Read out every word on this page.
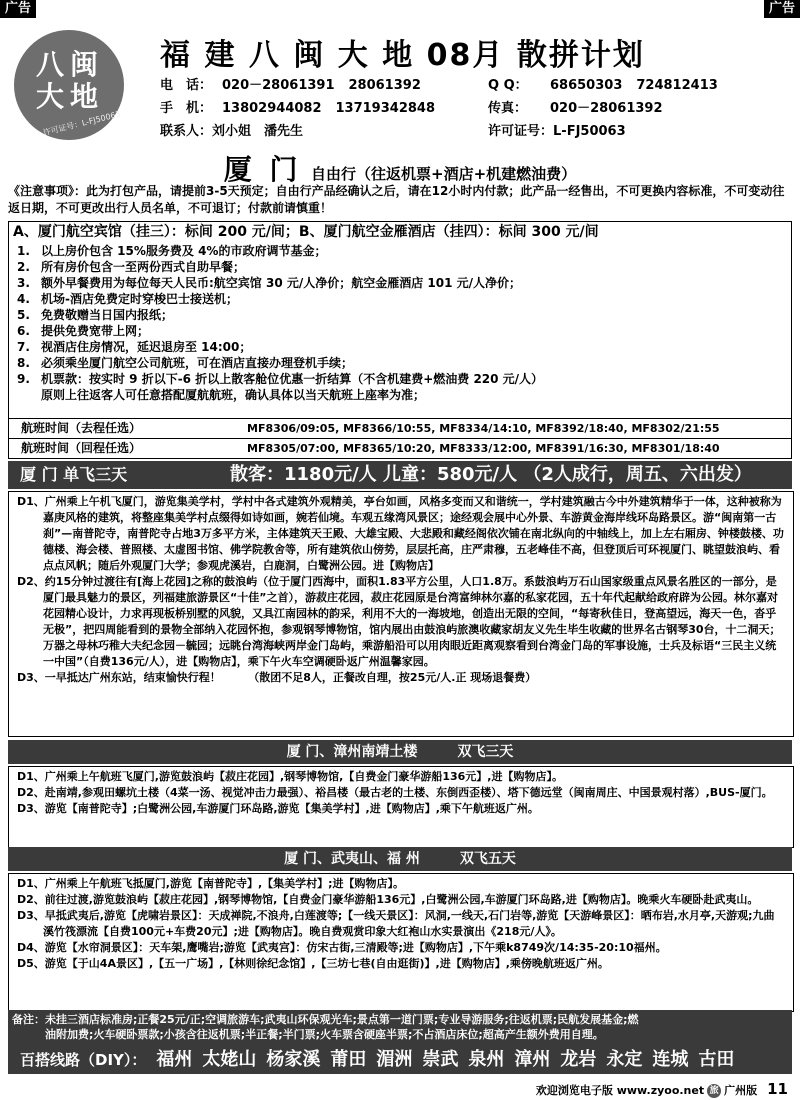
广告	广告
八 闽
大 地
许可证号：L-FJ50063
福 建 八 闽 大 地 08月 散拼计划
电　话： 020－28061391 28061392
手　机： 13802944082 13719342848
联系人：刘小姐　潘先生
Q Q： 68650303 724812413
传真： 020－28061392
许可证号：L-FJ50063
厦 门 自由行（往返机票+酒店+机建燃油费）
《注意事项》：此为打包产品，请提前3-5天预定；自由行产品经确认之后，请在12小时内付款；此产品一经售出，不可更换内容标准，不可变动往返日期，不可更改出行人员名单，不可退订；付款前请慎重！
A、厦门航空宾馆（挂三）：标间 200 元/间；B、厦门航空金雁酒店（挂四）：标间 300 元/间
1. 以上房价包含 15%服务费及 4%的市政府调节基金；
2. 所有房价包含一至两份西式自助早餐；
3. 额外早餐费用为每位每天人民币:航空宾馆 30 元/人净价；航空金雁酒店 101 元/人净价；
4. 机场-酒店免费定时穿梭巴士接送机；
5. 免费敬赠当日国内报纸；
6. 提供免费宽带上网；
7. 视酒店住房情况，延迟退房至 14:00；
8. 必须乘坐厦门航空公司航班，可在酒店直接办理登机手续；
9. 机票款：按实时 9 折以下-6 折以上散客舱位优惠一折结算（不含机建费+燃油费 220 元/人）
原则上往返客人可任意搭配厦航航班，确认具体以当天航班上座率为准；
航班时间（去程任选）	MF8306/09:05, MF8366/10:55, MF8334/14:10, MF8392/18:40, MF8302/21:55
航班时间（回程任选）	MF8305/07:00, MF8365/10:20, MF8333/12:00, MF8391/16:30, MF8301/18:40
厦 门 单飞三天	散客：1180元/人 儿童：580元/人 （2人成行，周五、六出发）

D1、广州乘上午机飞厦门，游览集美学村，学村中各式建筑外观精美，亭台如画，风格多变而又和谐统一，学村建筑融古今中外建筑精华于一体，这种被称为嘉庚风格的建筑，将整座集美学村点缀得如诗如画，婉若仙境。车观五缘湾风景区；途经观会展中心外景、车游黄金海岸线环岛路景区。游“闽南第一古刹”—南普陀寺，南普陀寺占地3万多平方米，主体建筑天王殿、大雄宝殿、大悲殿和藏经阁依次铺在南北纵向的中轴线上，加上左右厢房、钟楼鼓楼、功德楼、海会楼、普照楼、太虚图书馆、佛学院教舍等，所有建筑依山傍势，层层托高，庄严肃穆，五老峰佳不高，但登顶后可环视厦门、眺望鼓浪屿、看点点风帆；随后外观厦门大学；参观虎溪岩，白鹿洞，白鹭洲公园。进【购物店】

D2、约15分钟过渡往有[海上花园]之称的鼓浪屿（位于厦门西海中，面积1.83平方公里，人口1.8万。系鼓浪屿万石山国家级重点风景名胜区的一部分，是厦门最具魅力的景区，列福建旅游景区“十佳”之首），游菽庄花园，菽庄花园原是台湾富绅林尔嘉的私家花园，五十年代起献给政府辟为公园。林尔嘉对花园精心设计，力求再现板桥别墅的风貌，又具江南园林的韵采，利用不大的一海坡地，创造出无限的空间，“每寄秋佳日，登高望远，海天一色，沓乎无极”，把四周能看到的景物全部纳入花园怀抱，参观钢琴博物馆，馆内展出由鼓浪屿旅澳收藏家胡友义先生毕生收藏的世界名古钢琴30台，十二洞天；万器之母林巧稚大夫纪念园－毓园；远眺台湾海峡两岸金门岛屿，乘游船沿可以用肉眼近距离观察看到台湾金门岛的军事设施，士兵及标语“三民主义统一中国”（自费136元/人），进【购物店】，乘下午火车空调硬卧返广州温馨家园。

D3、一早抵达广州东站，结束愉快行程！　　　（散团不足8人，正餐改自理，按25元/人.正 现场退餐费）

厦 门、漳州南靖土楼	双飞三天

D1、广州乘上午航班飞厦门,游览鼓浪屿【菽庄花园】,钢琴博物馆,【自费金门豪华游船136元】,进【购物店】。

D2、赴南靖,参观田螺坑土楼（4菜一汤、视觉冲击力最强）、裕昌楼（最古老的土楼、东倒西歪楼）、塔下德远堂（闽南周庄、中国景观村落）,BUS-厦门。

D3、游览【南普陀寺】;白鹭洲公园,车游厦门环岛路,游览【集美学村】,进【购物店】,乘下午航班返广州。

厦 门、武夷山、福 州	双飞五天

D1、广州乘上午航班飞抵厦门,游览【南普陀寺】,【集美学村】;进【购物店】。

D2、前往过渡,游览鼓浪屿【菽庄花园】,钢琴博物馆,【自费金门豪华游船136元】,白鹭洲公园,车游厦门环岛路,进【购物店】。晚乘火车硬卧赴武夷山。

D3、早抵武夷后,游览【虎啸岩景区】：天成禅院,不浪舟,白莲渡等;【一线天景区】：风洞,一线天,石门岩等,游览【天游峰景区】：晒布岩,水月亭,天游观;九曲溪竹筏漂流【自费100元+车费20元】;进【购物店】。晚自费观赏印象大红袍山水实景演出《218元/人》。

D4、游览【水帘洞景区】：天车架,鹰嘴岩;游览【武夷宫】：仿宋古街,三清殿等;进【购物店】,下午乘k8749次/14:35-20:10福州。

D5、游览【于山4A景区】,【五一广场】,【林则徐纪念馆】,【三坊七巷(自由逛街)】,进【购物店】,乘傍晚航班返广州。

备注：未挂三酒店标准房;正餐25元/正;空调旅游车;武夷山环保观光车;景点第一道门票;专业导游服务;往返机票;民航发展基金;燃

　　　油附加费;火车硬卧票款;小孩含往返机票;半正餐;半门票;火车票含硬座半票;不占酒店床位;超高产生额外费用自理。

百搭线路（DIY）： 福州 太姥山 杨家溪 莆田 湄洲 崇武 泉州 漳州 龙岩 永定 连城 古田
欢迎浏览电子版 www.zyoo.net 旅 广州版 11
